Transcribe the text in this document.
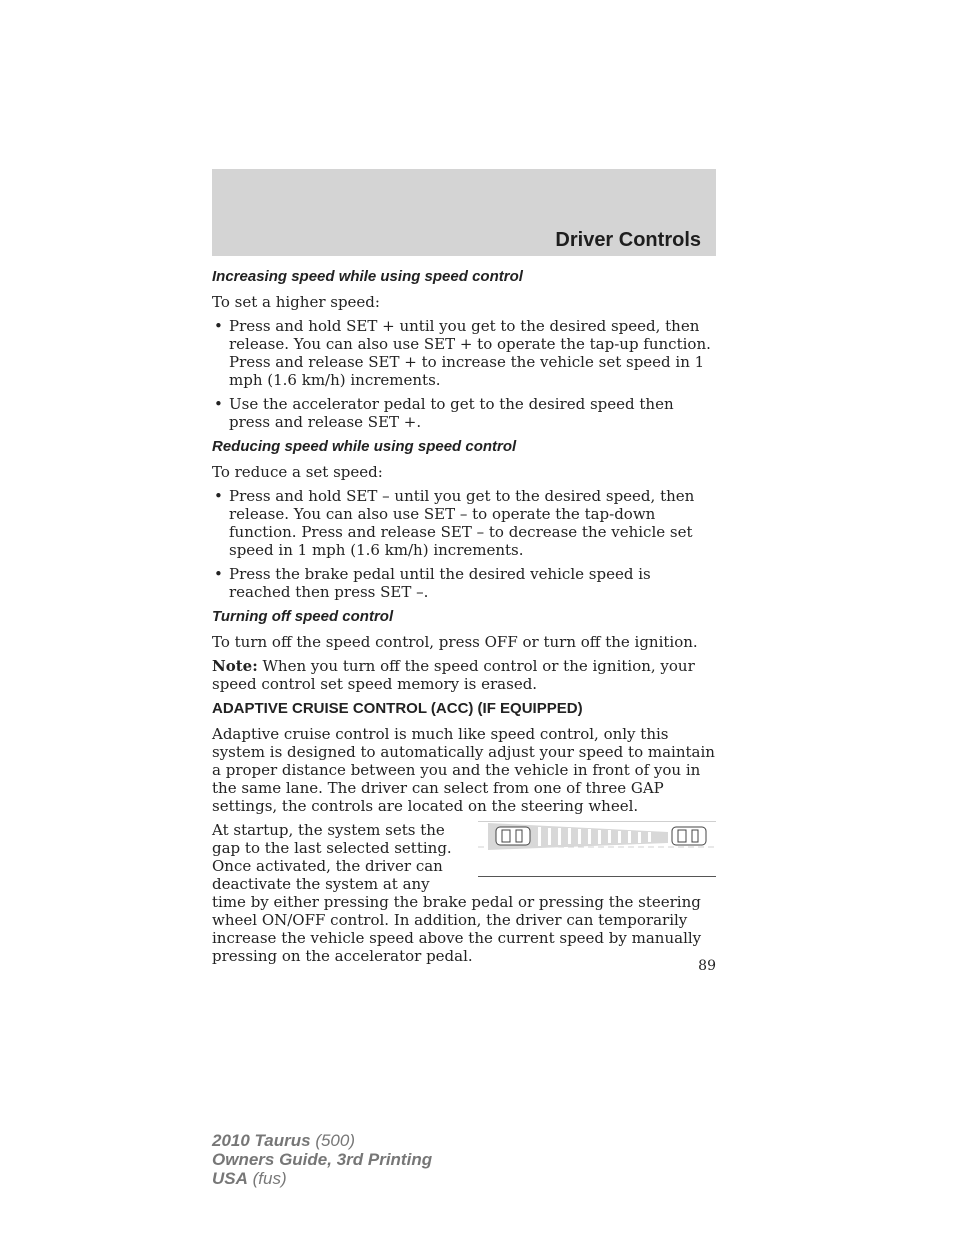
Driver Controls
Increasing speed while using speed control

To set a higher speed:

• Press and hold SET + until you get to the desired speed, then release. You can also use SET + to operate the tap-up function. Press and release SET + to increase the vehicle set speed in 1 mph (1.6 km/h) increments.
• Use the accelerator pedal to get to the desired speed then press and release SET +.
Reducing speed while using speed control

To reduce a set speed:

• Press and hold SET – until you get to the desired speed, then release. You can also use SET – to operate the tap-down function. Press and release SET – to decrease the vehicle set speed in 1 mph (1.6 km/h) increments.
• Press the brake pedal until the desired vehicle speed is reached then press SET –.
Turning off speed control

To turn off the speed control, press OFF or turn off the ignition.

Note: When you turn off the speed control or the ignition, your speed control set speed memory is erased.

ADAPTIVE CRUISE CONTROL (ACC) (IF EQUIPPED)

Adaptive cruise control is much like speed control, only this system is designed to automatically adjust your speed to maintain a proper distance between you and the vehicle in front of you in the same lane. The driver can select from one of three GAP settings, the controls are located on the steering wheel.

At startup, the system sets the gap to the last selected setting. Once activated, the driver can deactivate the system at any time by either pressing the brake pedal or pressing the steering wheel ON/OFF control. In addition, the driver can temporarily increase the vehicle speed above the current speed by manually pressing on the accelerator pedal.

89
2010 Taurus (500)
Owners Guide, 3rd Printing
USA (fus)
